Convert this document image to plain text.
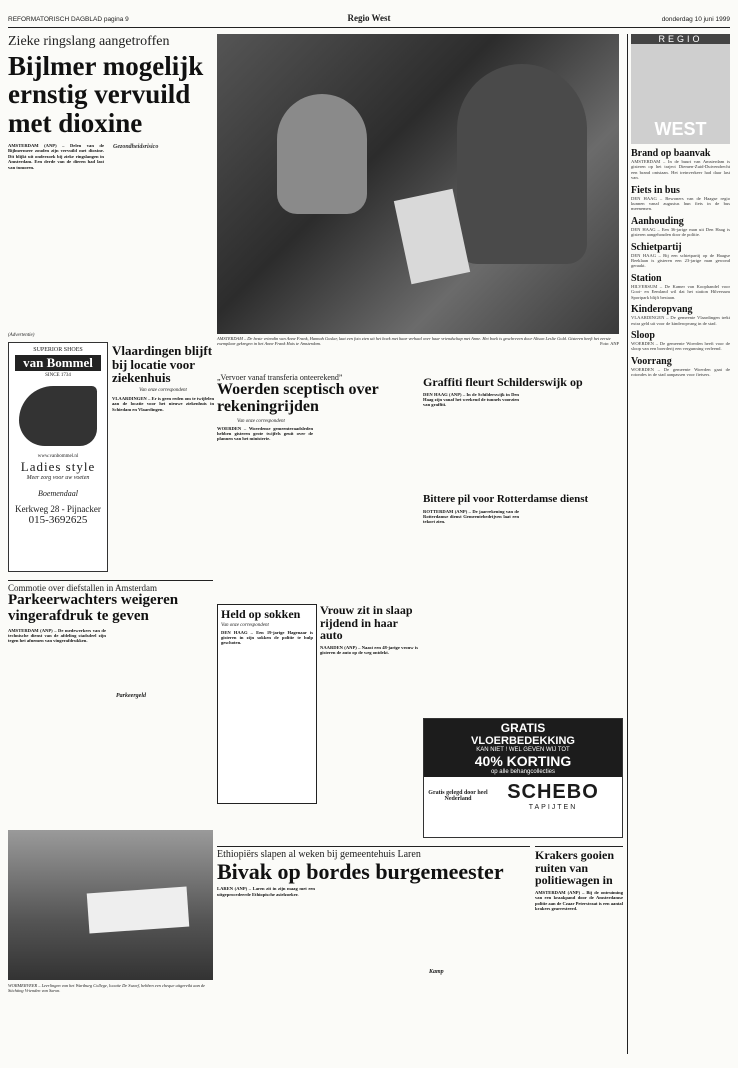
REFORMATORISCH DAGBLAD pagina 9	Regio West	donderdag 10 juni 1999
Zieke ringslang aangetroffen
Bijlmer mogelijk ernstig vervuild met dioxine
AMSTERDAM (ANP) – Delen van de Bijlmermeer zouden zijn vervuild met dioxine. Dit blijkt uit onderzoek bij zieke ringslangen in Amsterdam. Een derde van de dieren had last van tumoren.
Gezondheidsrisico
AMSTERDAM – De beste vriendin van Anne Frank, Hannah Goslar, laat een foto zien uit het boek met haar verhaal over haar vriendschap met Anne. Het boek is geschreven door Alison Leslie Gold. Gisteren heeft het eerste exemplaar gekregen in het Anne Frank Huis te Amsterdam.	Foto: ANP
REGIO
WEST
Brand op baanvak
AMSTERDAM – In de buurt van Amsterdam is gisteren op het traject Diemen-Zuid-Duivendrecht een brand ontstaan. Het treinverkeer had daar last van.
Fiets in bus
DEN HAAG – Bewoners van de Haagse regio kunnen vanaf augustus hun fiets in de bus meenemen.
Aanhouding
DEN HAAG – Een 36-jarige man uit Den Haag is gisteren aangehouden door de politie.
Schietpartij
DEN HAAG – Bij een schietpartij op de Haagse Beeklaan is gisteren een 23-jarige man gewond geraakt.
Station
HILVERSUM – De Kamer van Koophandel voor Gooi- en Eemland wil dat het station Hilversum Sportpark blijft bestaan.
Kinderopvang
VLAARDINGEN – De gemeente Vlaardingen trekt extra geld uit voor de kinderopvang in de stad.
Sloop
WOERDEN – De gemeente Woerden heeft voor de sloop van een boerderij een vergunning verleend.
Voorrang
WOERDEN – De gemeente Woerden gaat de rotondes in de stad aanpassen voor fietsers.
(Advertentie)
SUPERIOR SHOES
van Bommel
SINCE 1734
www.vanbommel.nl
Ladies style
Meer zorg voor uw voeten
Boemendaal
Kerkweg 28 - Pijnacker
015-3692625
Vlaardingen blijft bij locatie voor ziekenhuis
Van onze correspondent
VLAARDINGEN – Er is geen reden om te twijfelen aan de locatie voor het nieuwe ziekenhuis in Schiedam en Vlaardingen.
„Vervoer vanaf transferia onteerekend”
Woerden sceptisch over rekeningrijden
Van onze correspondent
WOERDEN – Woerdense gemeenteraadsleden hebben gisteren grote twijfels geuit over de plannen van het ministerie.
Graffiti fleurt Schilderswijk op
DEN HAAG (ANP) – In de Schilderswijk in Den Haag zijn vanaf het weekend de tunnels voorzien van graffiti.
Bittere pil voor Rotterdamse dienst
ROTTERDAM (ANP) – De jaarrekening van de Rotterdamse dienst Gemeentebedrijven laat een tekort zien.
Commotie over diefstallen in Amsterdam
Parkeerwachters weigeren vingerafdruk te geven
AMSTERDAM (ANP) – De medewerkers van de technische dienst van de afdeling stadsdeel zijn tegen het afnemen van vingerafdrukken.
Parkeergeld
Held op sokken
Van onze correspondent
DEN HAAG – Een 19-jarige Hagenaar is gisteren in zijn sokken de politie te hulp geschoten.
Vrouw zit in slaap rijdend in haar auto
NAARDEN (ANP) – Naast een 48-jarige vrouw is gisteren de auto op de weg ontdekt.
GRATIS
VLOERBEDEKKING
KAN NIET ! WEL GEVEN WIJ TOT
40% KORTING
op alle behangcollecties
Gratis gelegd door heel Nederland	SCHEBO
TAPIJTEN
Ethiopiërs slapen al weken bij gemeentehuis Laren
Bivak op bordes burgemeester
LAREN (ANP) – Laren zit in zijn maag met een uitgeprocedeerde Ethiopische asielzoeker.
Kamp
Krakers gooien ruiten van politiewagen in
AMSTERDAM (ANP) – Bij de ontruiming van een kraakpand door de Amsterdamse politie aan de Czaar Peterstraat is een aantal krakers gearresteerd.
WORMERVEER – Leerlingen van het Wartburg College, locatie De Swaef, hebben een cheque uitgereikt aan de Stichting Vrienden van Saron.
